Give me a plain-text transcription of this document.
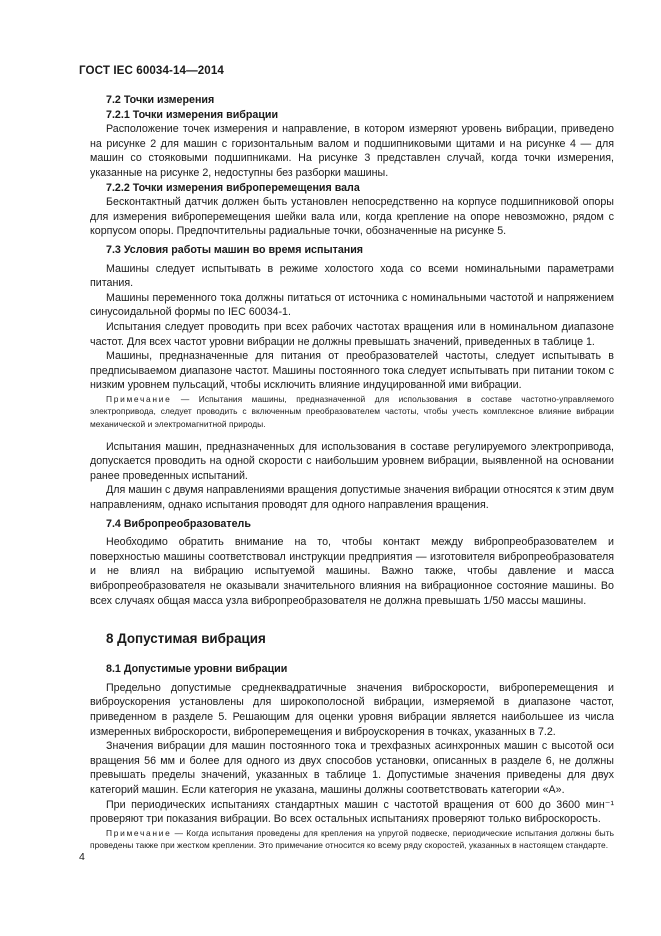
ГОСТ IEC 60034-14—2014
7.2 Точки измерения
7.2.1 Точки измерения вибрации

Расположение точек измерения и направление, в котором измеряют уровень вибрации, приведено на рисунке 2 для машин с горизонтальным валом и подшипниковыми щитами и на рисунке 4 — для машин со стояковыми подшипниками. На рисунке 3 представлен случай, когда точки измерения, указанные на рисунке 2, недоступны без разборки машины.

7.2.2 Точки измерения виброперемещения вала

Бесконтактный датчик должен быть установлен непосредственно на корпусе подшипниковой опоры для измерения виброперемещения шейки вала или, когда крепление на опоре невозможно, рядом с корпусом опоры. Предпочтительны радиальные точки, обозначенные на рисунке 5.

7.3 Условия работы машин во время испытания

Машины следует испытывать в режиме холостого хода со всеми номинальными параметрами питания.

Машины переменного тока должны питаться от источника с номинальными частотой и напряжением синусоидальной формы по IEC 60034-1.

Испытания следует проводить при всех рабочих частотах вращения или в номинальном диапазоне частот. Для всех частот уровни вибрации не должны превышать значений, приведенных в таблице 1.

Машины, предназначенные для питания от преобразователей частоты, следует испытывать в предписываемом диапазоне частот. Машины постоянного тока следует испытывать при питании током с низким уровнем пульсаций, чтобы исключить влияние индуцированной ими вибрации.

Примечание — Испытания машины, предназначенной для использования в составе частотно-управляемого электропривода, следует проводить с включенным преобразователем частоты, чтобы учесть комплексное влияние вибрации механической и электромагнитной природы.

Испытания машин, предназначенных для использования в составе регулируемого электропривода, допускается проводить на одной скорости с наибольшим уровнем вибрации, выявленной на основании ранее проведенных испытаний.

Для машин с двумя направлениями вращения допустимые значения вибрации относятся к этим двум направлениям, однако испытания проводят для одного направления вращения.

7.4 Вибропреобразователь

Необходимо обратить внимание на то, чтобы контакт между вибропреобразователем и поверхностью машины соответствовал инструкции предприятия — изготовителя вибропреобразователя и не влиял на вибрацию испытуемой машины. Важно также, чтобы давление и масса вибропреобразователя не оказывали значительного влияния на вибрационное состояние машины. Во всех случаях общая масса узла вибропреобразователя не должна превышать 1/50 массы машины.

8 Допустимая вибрация
8.1 Допустимые уровни вибрации

Предельно допустимые среднеквадратичные значения виброскорости, виброперемещения и виброускорения установлены для широкополосной вибрации, измеряемой в диапазоне частот, приведенном в разделе 5. Решающим для оценки уровня вибрации является наибольшее из числа измеренных виброскорости, виброперемещения и виброускорения в точках, указанных в 7.2.

Значения вибрации для машин постоянного тока и трехфазных асинхронных машин с высотой оси вращения 56 мм и более для одного из двух способов установки, описанных в разделе 6, не должны превышать пределы значений, указанных в таблице 1. Допустимые значения приведены для двух категорий машин. Если категория не указана, машины должны соответствовать категории «А».

При периодических испытаниях стандартных машин с частотой вращения от 600 до 3600 мин⁻¹ проверяют три показания вибрации. Во всех остальных испытаниях проверяют только виброскорость.

Примечание — Когда испытания проведены для крепления на упругой подвеске, периодические испытания должны быть проведены также при жестком креплении. Это примечание относится ко всему ряду скоростей, указанных в настоящем стандарте.

4
